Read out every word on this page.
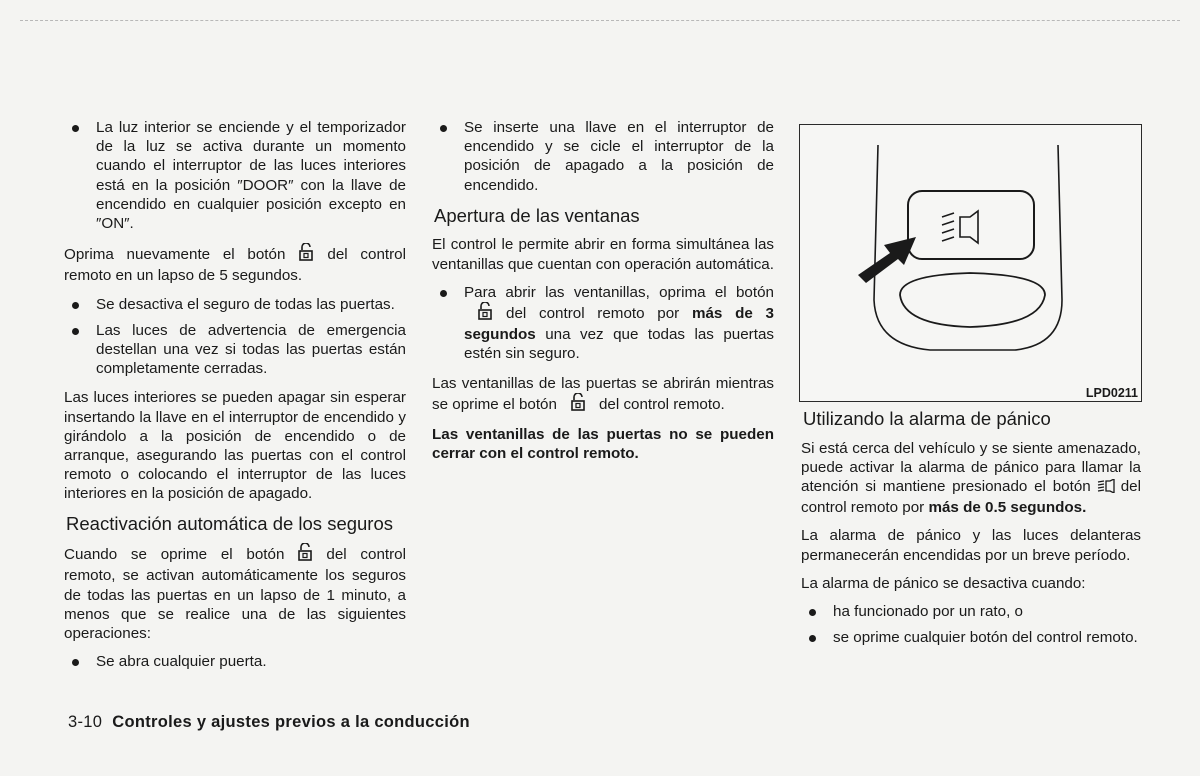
La luz interior se enciende y el temporizador de la luz se activa durante un momento cuando el interruptor de las luces interiores está en la posición ″DOOR″ con la llave de encendido en cualquier posición excepto en ″ON″.

Oprima nuevamente el botón	del control remoto en un lapso de 5 segundos.

Se desactiva el seguro de todas las puertas.
Las luces de advertencia de emergencia destellan una vez si todas las puertas están completamente cerradas.

Las luces interiores se pueden apagar sin esperar insertando la llave en el interruptor de encendido y girándolo a la posición de encendido o de arranque, asegurando las puertas con el control remoto o colocando el interruptor de las luces interiores en la posición de apagado.

Reactivación automática de los seguros

Cuando se oprime el botón	del control remoto, se activan automáticamente los seguros de todas las puertas en un lapso de 1 minuto, a menos que se realice una de las siguientes operaciones:

Se abra cualquier puerta.
Se inserte una llave en el interruptor de encendido y se cicle el interruptor de la posición de apagado a la posición de encendido.
Apertura de las ventanas

El control le permite abrir en forma simultánea las ventanillas que cuentan con operación automática.

Para abrir las ventanillas, oprima el botóndel control remoto por más de 3 segundos una vez que todas las puertas estén sin seguro.

Las ventanillas de las puertas se abrirán mientras se oprime el botón	del control remoto.

Las ventanillas de las puertas no se pueden cerrar con el control remoto.

LPD0211
Utilizando la alarma de pánico

Si está cerca del vehículo y se siente amenazado, puede activar la alarma de pánico para llamar la atención si mantiene presionado el botón del control remoto por más de 0.5 segundos.

La alarma de pánico y las luces delanteras permanecerán encendidas por un breve período.

La alarma de pánico se desactiva cuando:

ha funcionado por un rato, o
se oprime cualquier botón del control remoto.
3-10 Controles y ajustes previos a la conducción
